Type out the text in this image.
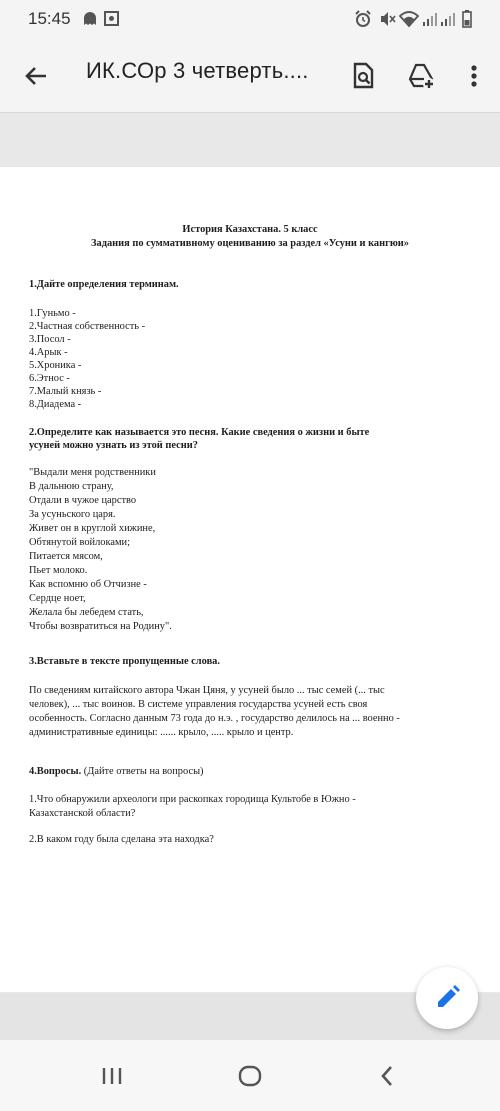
15:45
ИК.СОр 3 четверть....
История Казахстана. 5 класс
Задания по суммативному оцениванию за раздел «Усуни и кангюи»
1.Дайте определения терминам.
1.Гуньмо -
2.Частная собственность -
3.Посол -
4.Арык -
5.Хроника -
6.Этнос -
7.Малый князь -
8.Диадема -
2.Определите как называется это песня. Какие сведения о жизни и быте
усуней можно узнать из этой песни?
"Выдали меня родственники
В дальнюю страну,
Отдали в чужое царство
За усуньского царя.
Живет он в круглой хижине,
Обтянутой войлоками;
Питается мясом,
Пьет молоко.
Как вспомню об Отчизне -
Сердце ноет,
Желала бы лебедем стать,
Чтобы возвратиться на Родину".
3.Вставьте в тексте пропущенные слова.
По сведениям китайского автора Чжан Цяня, у усуней было ... тыс семей (... тыс
человек), ... тыс воинов. В системе управления государства усуней есть своя
особенность. Согласно данным 73 года до н.э. , государство делилось на ... военно -
административные единицы: ...... крыло, ..... крыло и центр.
4.Вопросы. (Дайте ответы на вопросы)
1.Что обнаружили археологи при раскопках городища Культобе в Южно -
Казахстанской области?
2.В каком году была сделана эта находка?
